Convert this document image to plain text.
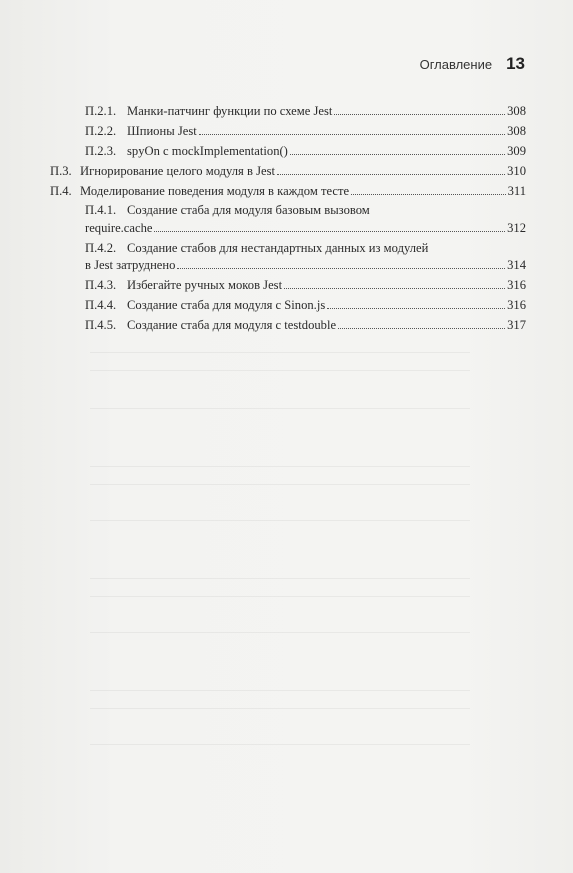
Оглавление 13
П.2.1. Манки-патчинг функции по схеме Jest	308
П.2.2. Шпионы Jest	308
П.2.3. spyOn с mockImplementation()	309
П.3. Игнорирование целого модуля в Jest	310
П.4. Моделирование поведения модуля в каждом тесте	311
П.4.1. Создание стаба для модуля базовым вызовом
require.cache	312
П.4.2. Создание стабов для нестандартных данных из модулей
в Jest затруднено	314
П.4.3. Избегайте ручных моков Jest	316
П.4.4. Создание стаба для модуля с Sinon.js	316
П.4.5. Создание стаба для модуля с testdouble	317
